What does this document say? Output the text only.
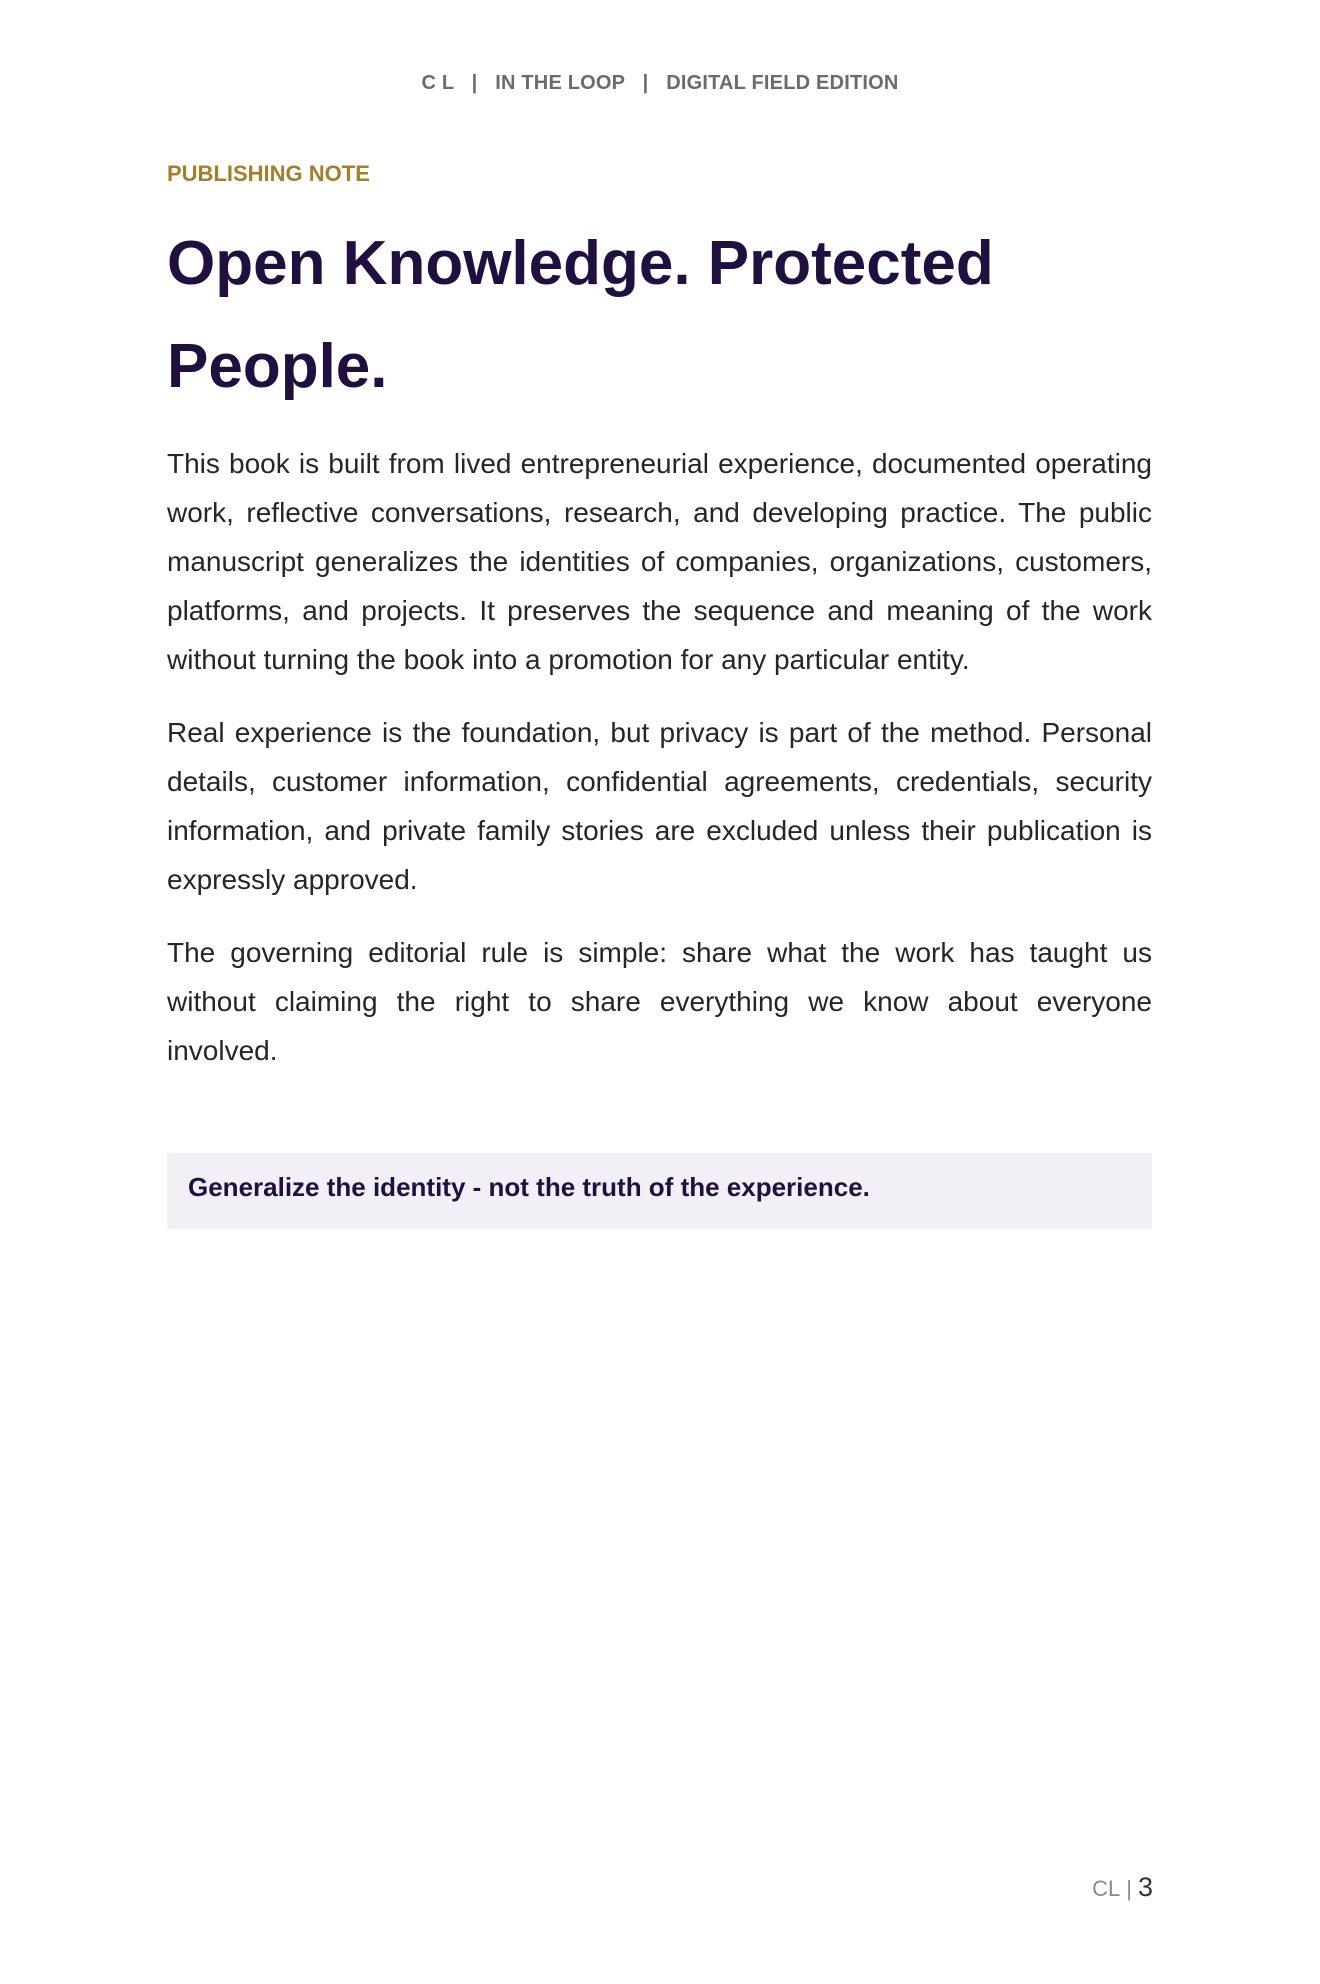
C L | IN THE LOOP | DIGITAL FIELD EDITION
PUBLISHING NOTE
Open Knowledge. Protected People.

This book is built from lived entrepreneurial experience, documented operating work, reflective conversations, research, and developing practice. The public manuscript generalizes the identities of companies, organizations, customers, platforms, and projects. It preserves the sequence and meaning of the work without turning the book into a promotion for any particular entity.

Real experience is the foundation, but privacy is part of the method. Personal details, customer information, confidential agreements, credentials, security information, and private family stories are excluded unless their publication is expressly approved.

The governing editorial rule is simple: share what the work has taught us without claiming the right to share everything we know about everyone involved.

Generalize the identity - not the truth of the experience.
CL | 3
